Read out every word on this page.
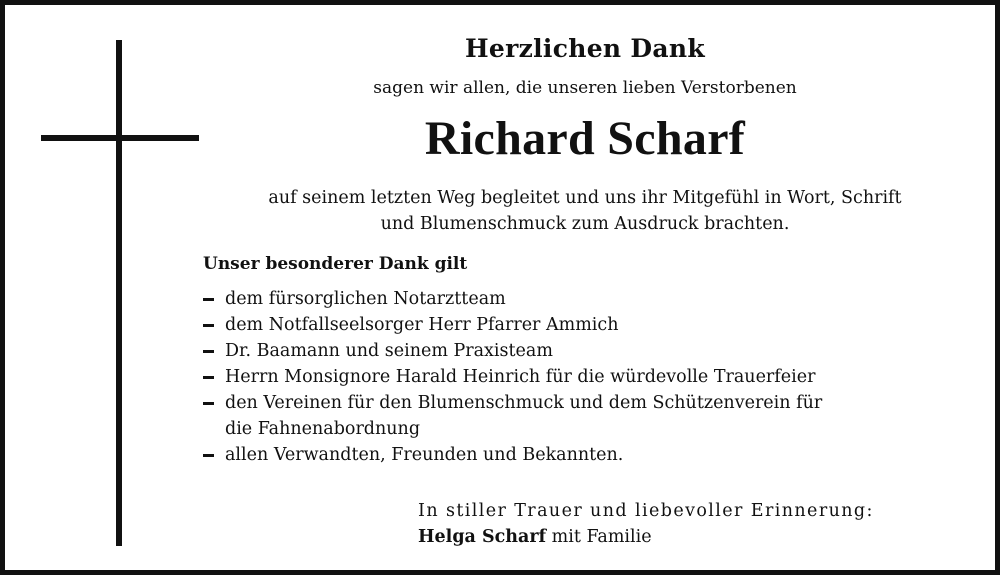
Herzlichen Dank
sagen wir allen, die unseren lieben Verstorbenen
Richard Scharf
auf seinem letzten Weg begleitet und uns ihr Mitgefühl in Wort, Schrift
und Blumenschmuck zum Ausdruck brachten.
Unser besonderer Dank gilt
dem fürsorglichen Notarztteam
dem Notfallseelsorger Herr Pfarrer Ammich
Dr. Baamann und seinem Praxisteam
Herrn Monsignore Harald Heinrich für die würdevolle Trauerfeier
den Vereinen für den Blumenschmuck und dem Schützenverein für
die Fahnenabordnung
allen Verwandten, Freunden und Bekannten.
In stiller Trauer und liebevoller Erinnerung:
Helga Scharf mit Familie
